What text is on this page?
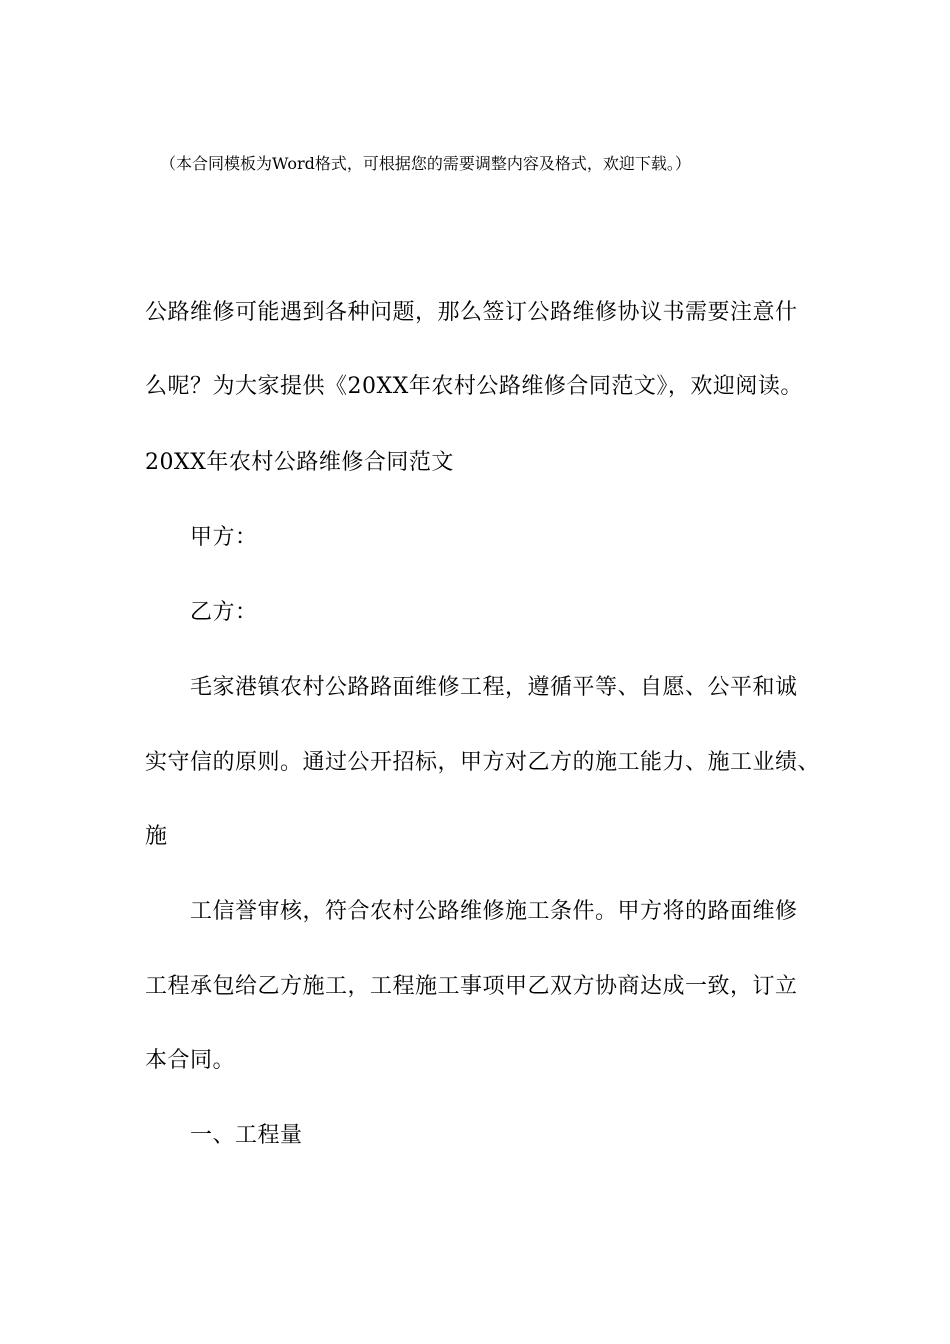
（本合同模板为Word格式，可根据您的需要调整内容及格式，欢迎下载。）
公路维修可能遇到各种问题，那么签订公路维修协议书需要注意什
么呢？为大家提供《20XX年农村公路维修合同范文》，欢迎阅读。
20XX年农村公路维修合同范文
甲方：
乙方：
毛家港镇农村公路路面维修工程，遵循平等、自愿、公平和诚
实守信的原则。通过公开招标，甲方对乙方的施工能力、施工业绩、
施
工信誉审核，符合农村公路维修施工条件。甲方将的路面维修
工程承包给乙方施工，工程施工事项甲乙双方协商达成一致，订立
本合同。
一、工程量
